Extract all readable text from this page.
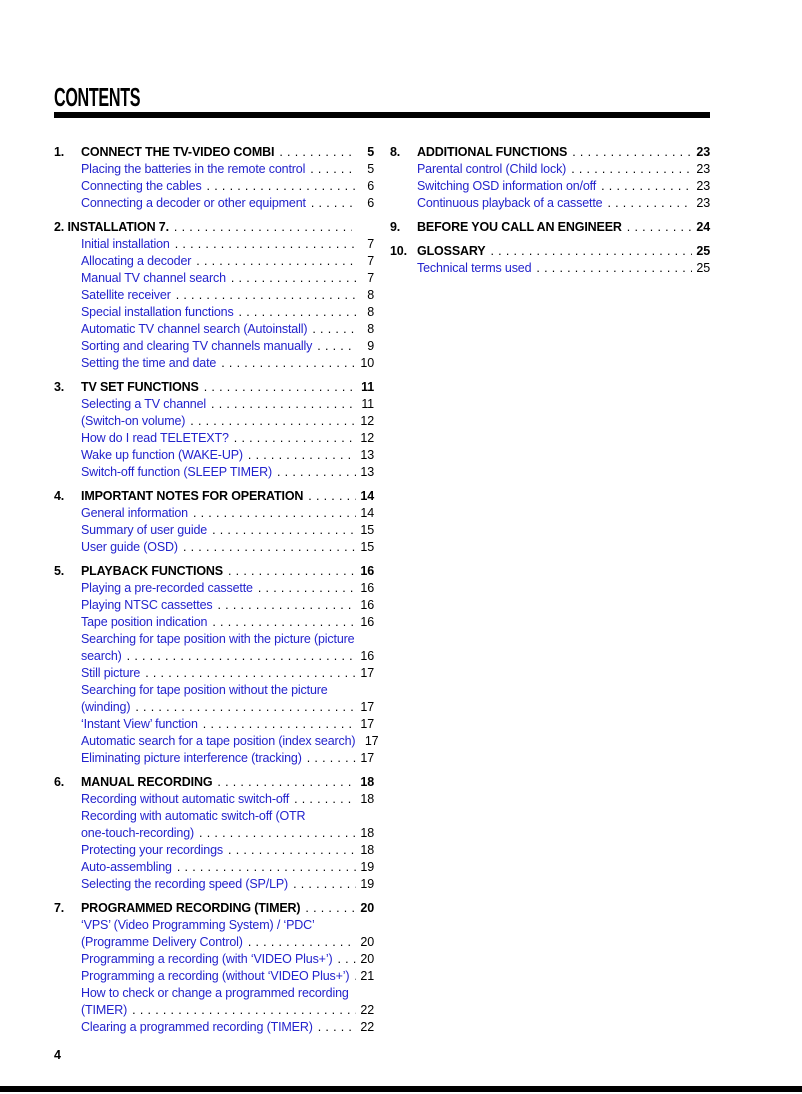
CONTENTS
1.	CONNECT THE TV-VIDEO COMBI .....	5
Placing the batteries in the remote control .....	5
Connecting the cables .....	6
Connecting a decoder or other equipment .....	6
2. INSTALLATION 7.
.....
Initial installation .....	7
Allocating a decoder .....	7
Manual TV channel search .....	7
Satellite receiver .....	8
Special installation functions .....	8
Automatic TV channel search (Autoinstall) .....	8
Sorting and clearing TV channels manually .....	9
Setting the time and date .....	10
3.	TV SET FUNCTIONS .....	11
Selecting a TV channel .....	11
(Switch-on volume) .....	12
How do I read TELETEXT? .....	12
Wake up function (WAKE-UP) .....	13
Switch-off function (SLEEP TIMER) .....	13
4.	IMPORTANT NOTES FOR OPERATION .....	14
General information .....	14
Summary of user guide .....	15
User guide (OSD) .....	15
5.	PLAYBACK FUNCTIONS .....	16
Playing a pre-recorded cassette .....	16
Playing NTSC cassettes .....	16
Tape position indication .....	16
Searching for tape position with the picture (picture
search) .....	16
Still picture .....	17
Searching for tape position without the picture
(winding) .....	17
‘Instant View’ function .....	17
Automatic search for a tape position (index search) 17
Eliminating picture interference (tracking) .....	17
6.	MANUAL RECORDING .....	18
Recording without automatic switch-off .....	18
Recording with automatic switch-off (OTR
one-touch-recording) .....	18
Protecting your recordings .....	18
Auto-assembling .....	19
Selecting the recording speed (SP/LP) .....	19
7.	PROGRAMMED RECORDING (TIMER) .....	20
‘VPS’ (Video Programming System) / ‘PDC’
(Programme Delivery Control) .....	20
Programming a recording (with ‘VIDEO Plus+’) ..... 20
Programming a recording (without ‘VIDEO Plus+’) ..... 21
How to check or change a programmed recording
(TIMER) .....	22
Clearing a programmed recording (TIMER) .....	22
8.	ADDITIONAL FUNCTIONS .....	23
Parental control (Child lock) .....	23
Switching OSD information on/off .....	23
Continuous playback of a cassette .....	23
9.	BEFORE YOU CALL AN ENGINEER .....	24
10. GLOSSARY .....	25
Technical terms used .....	25
4
